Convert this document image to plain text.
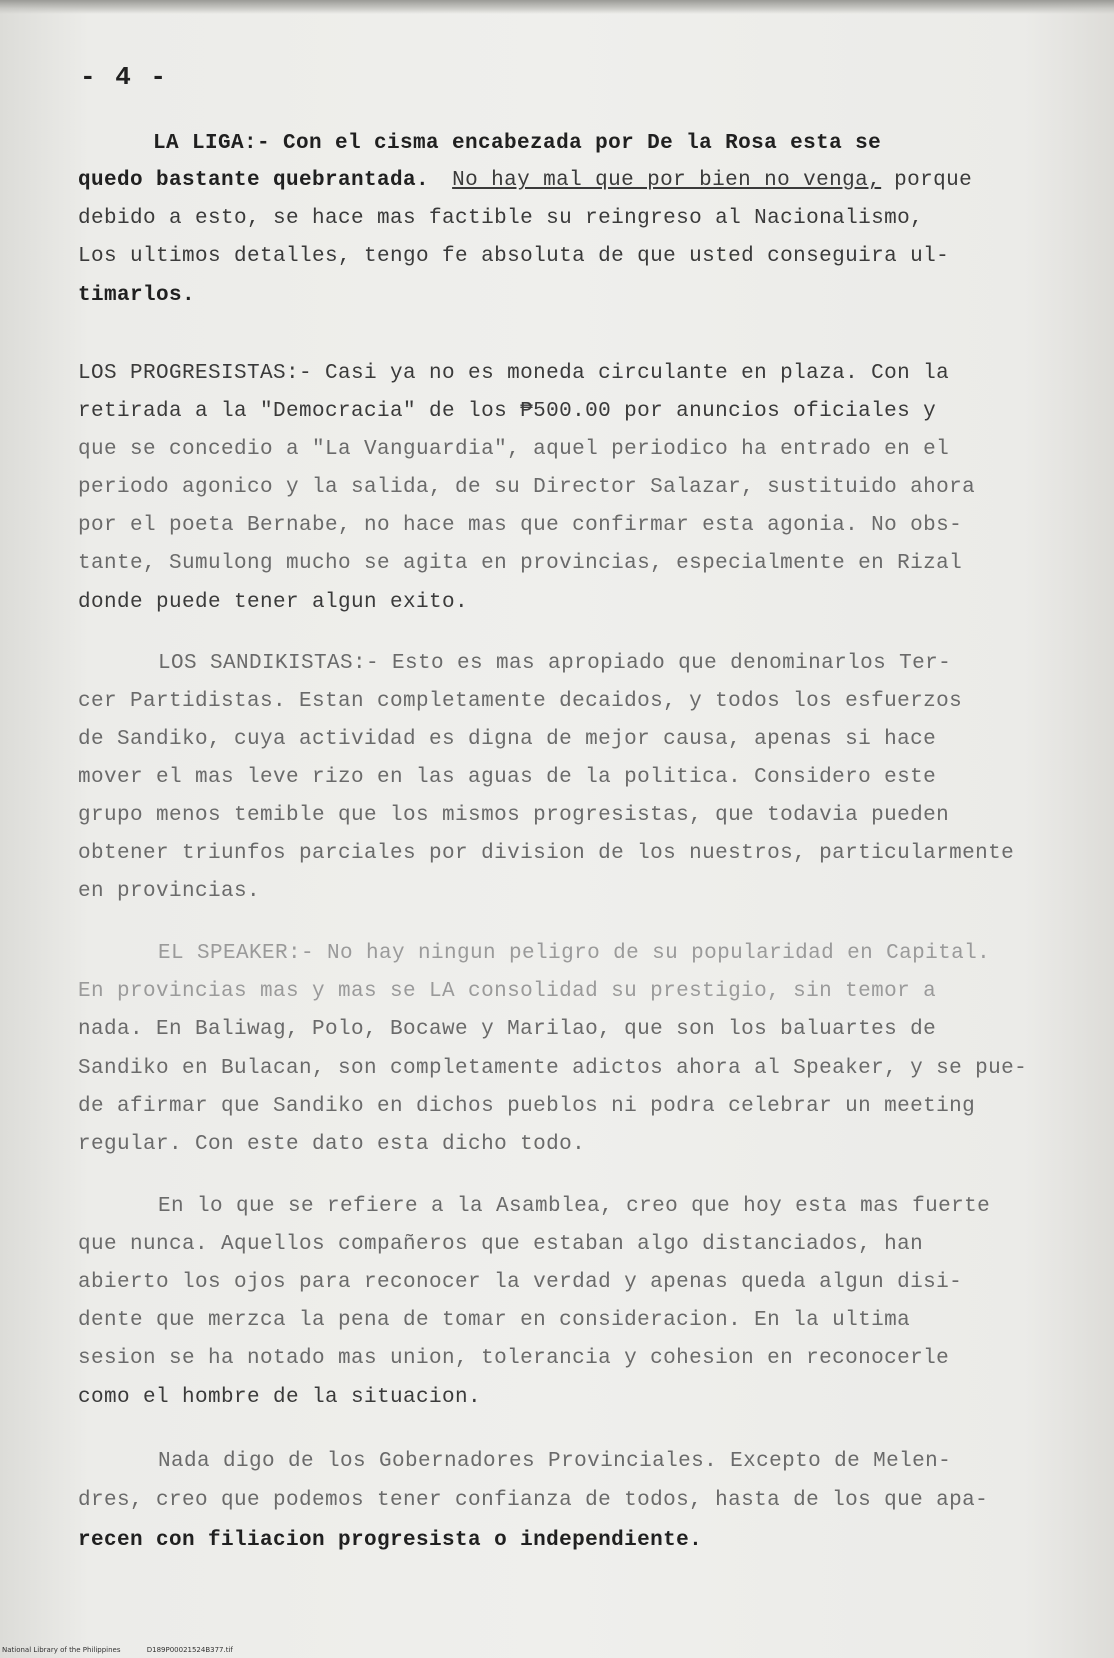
- 4 -
LA LIGA:- Con el cisma encabezada por De la Rosa esta se
quedo bastante quebrantada. No hay mal que por bien no venga, porque
debido a esto, se hace mas factible su reingreso al Nacionalismo,
Los ultimos detalles, tengo fe absoluta de que usted conseguira ul-
timarlos.
LOS PROGRESISTAS:- Casi ya no es moneda circulante en plaza. Con la
retirada a la "Democracia" de los ₱500.00 por anuncios oficiales y
que se concedio a "La Vanguardia", aquel periodico ha entrado en el
periodo agonico y la salida, de su Director Salazar, sustituido ahora
por el poeta Bernabe, no hace mas que confirmar esta agonia. No obs-
tante, Sumulong mucho se agita en provincias, especialmente en Rizal
donde puede tener algun exito.
LOS SANDIKISTAS:- Esto es mas apropiado que denominarlos Ter-
cer Partidistas. Estan completamente decaidos, y todos los esfuerzos
de Sandiko, cuya actividad es digna de mejor causa, apenas si hace
mover el mas leve rizo en las aguas de la politica. Considero este
grupo menos temible que los mismos progresistas, que todavia pueden
obtener triunfos parciales por division de los nuestros, particularmente
en provincias.
EL SPEAKER:- No hay ningun peligro de su popularidad en Capital.
En provincias mas y mas se LA consolidad su prestigio, sin temor a
nada. En Baliwag, Polo, Bocawe y Marilao, que son los baluartes de
Sandiko en Bulacan, son completamente adictos ahora al Speaker, y se pue-
de afirmar que Sandiko en dichos pueblos ni podra celebrar un meeting
regular. Con este dato esta dicho todo.
En lo que se refiere a la Asamblea, creo que hoy esta mas fuerte
que nunca. Aquellos compañeros que estaban algo distanciados, han
abierto los ojos para reconocer la verdad y apenas queda algun disi-
dente que merzca la pena de tomar en consideracion. En la ultima
sesion se ha notado mas union, tolerancia y cohesion en reconocerle
como el hombre de la situacion.
Nada digo de los Gobernadores Provinciales. Excepto de Melen-
dres, creo que podemos tener confianza de todos, hasta de los que apa-
recen con filiacion progresista o independiente.
National Library of the Philippines	D189P00021524B377.tif
